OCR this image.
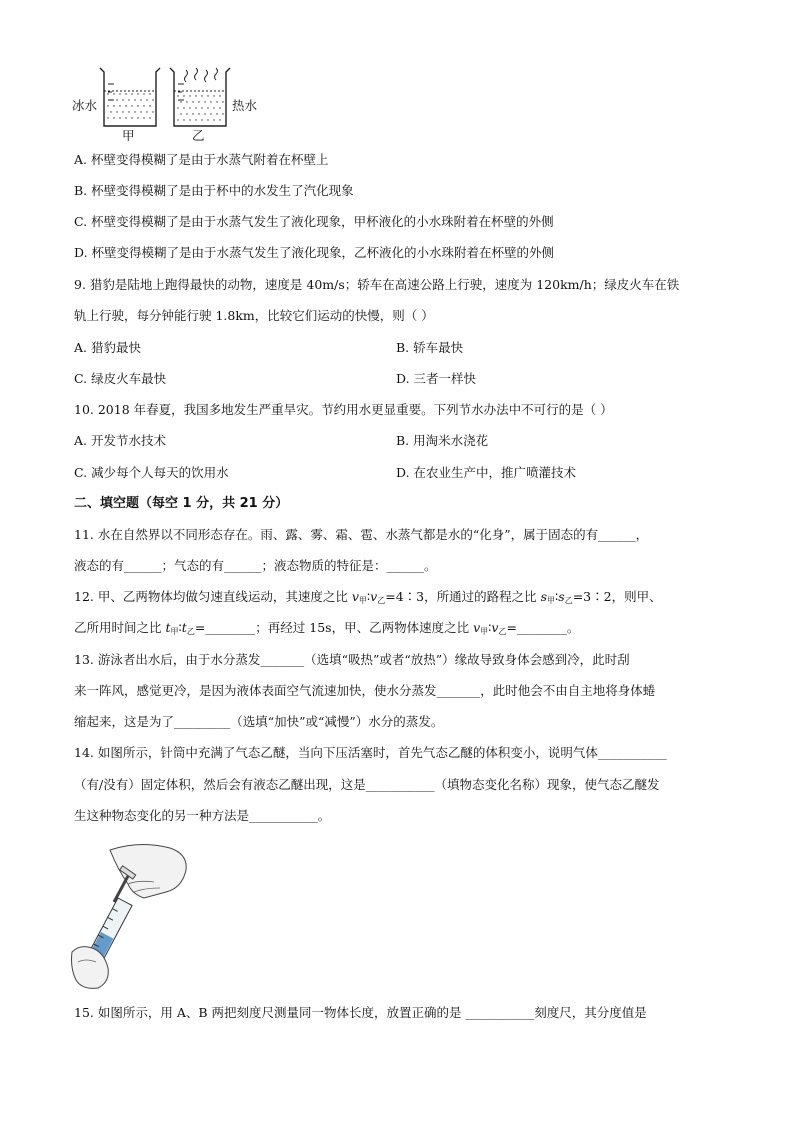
冰水	热水
甲	乙
A. 杯壁变得模糊了是由于水蒸气附着在杯壁上
B. 杯壁变得模糊了是由于杯中的水发生了汽化现象
C. 杯壁变得模糊了是由于水蒸气发生了液化现象，甲杯液化的小水珠附着在杯壁的外侧
D. 杯壁变得模糊了是由于水蒸气发生了液化现象，乙杯液化的小水珠附着在杯壁的外侧
9. 猎豹是陆地上跑得最快的动物，速度是 40m/s；轿车在高速公路上行驶，速度为 120km/h；绿皮火车在铁
轨上行驶，每分钟能行驶 1.8km，比较它们运动的快慢，则（ ）
A. 猎豹最快	B. 轿车最快
C. 绿皮火车最快	D. 三者一样快
10. 2018 年春夏，我国多地发生严重旱灾。节约用水更显重要。下列节水办法中不可行的是（ ）
A. 开发节水技术	B. 用淘米水浇花
C. 减少每个人每天的饮用水	D. 在农业生产中，推广喷灌技术
二、填空题（每空 1 分，共 21 分）
11. 水在自然界以不同形态存在。雨、露、雾、霜、雹、水蒸气都是水的“化身”，属于固态的有______，
液态的有______；气态的有______；液态物质的特征是：______。
12. 甲、乙两物体均做匀速直线运动，其速度之比 $v_甲∶v_乙=4∶3$，所通过的路程之比 $s_甲∶s_乙=3∶2$，则甲、
乙所用时间之比 $t_甲∶t_乙=\_\_\_\_\_\_\_\_$；再经过 15s，甲、乙两物体速度之比 $v_甲∶v_乙=\_\_\_\_\_\_\_\_$。
13. 游泳者出水后，由于水分蒸发_______（选填“吸热”或者“放热”）缘故导致身体会感到冷，此时刮
来一阵风，感觉更冷，是因为液体表面空气流速加快，使水分蒸发_______，此时他会不由自主地将身体蜷
缩起来，这是为了_________（选填“加快”或“减慢”）水分的蒸发。
14. 如图所示，针筒中充满了气态乙醚，当向下压活塞时，首先气态乙醚的体积变小，说明气体___________
（有/没有）固定体积，然后会有液态乙醚出现，这是___________（填物态变化名称）现象，使气态乙醚发
生这种物态变化的另一种方法是___________。
15. 如图所示，用 A、B 两把刻度尺测量同一物体长度，放置正确的是 ___________刻度尺，其分度值是
